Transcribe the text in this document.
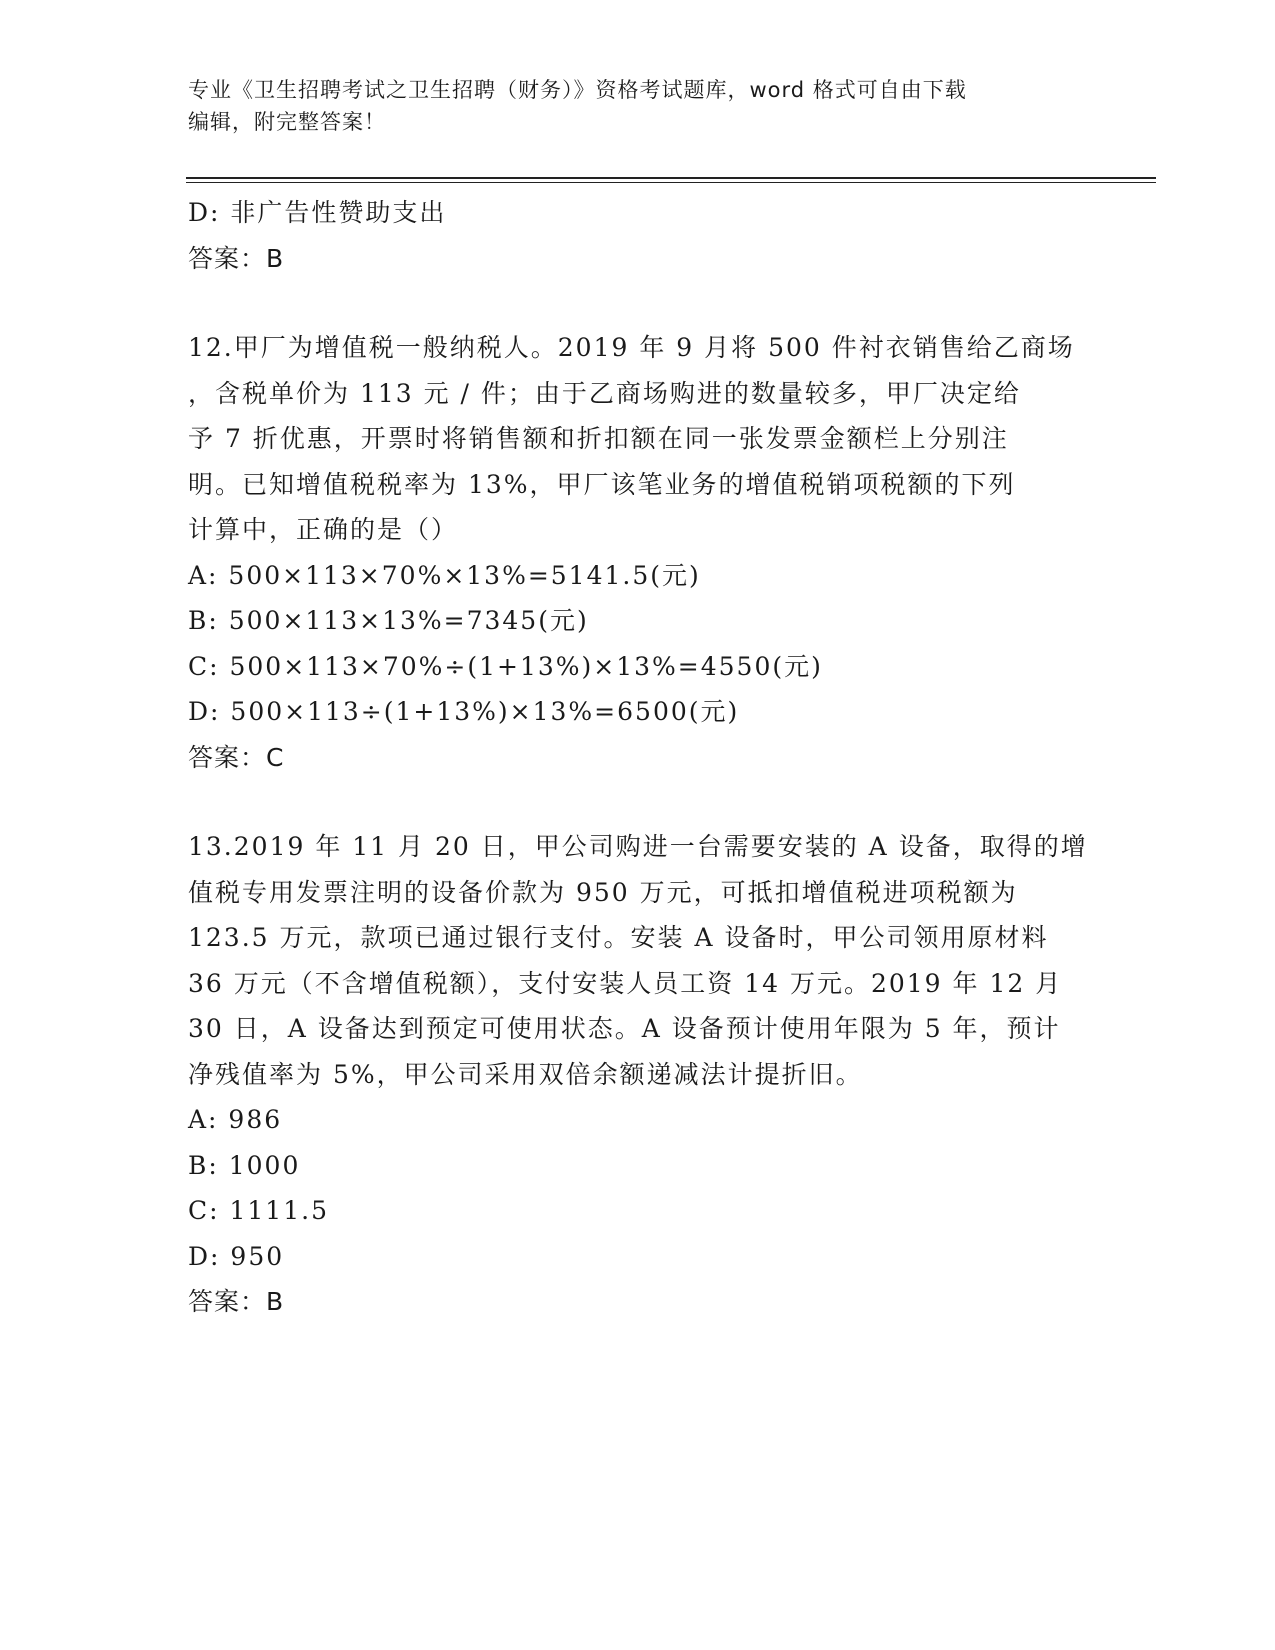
专业《卫生招聘考试之卫生招聘（财务）》资格考试题库，word 格式可自由下载
编辑，附完整答案！
D: 非广告性赞助支出
答案：B
12.甲厂为增值税一般纳税人。2019 年 9 月将 500 件衬衣销售给乙商场
，含税单价为 113 元 / 件；由于乙商场购进的数量较多，甲厂决定给
予 7 折优惠，开票时将销售额和折扣额在同一张发票金额栏上分别注
明。已知增值税税率为 13%，甲厂该笔业务的增值税销项税额的下列
计算中，正确的是（）
A: 500×113×70%×13%=5141.5(元)
B: 500×113×13%=7345(元)
C: 500×113×70%÷(1+13%)×13%=4550(元)
D: 500×113÷(1+13%)×13%=6500(元)
答案：C
13.2019 年 11 月 20 日，甲公司购进一台需要安装的 A 设备，取得的增
值税专用发票注明的设备价款为 950 万元，可抵扣增值税进项税额为
123.5 万元，款项已通过银行支付。安装 A 设备时，甲公司领用原材料
36 万元（不含增值税额），支付安装人员工资 14 万元。2019 年 12 月
30 日，A 设备达到预定可使用状态。A 设备预计使用年限为 5 年，预计
净残值率为 5%，甲公司采用双倍余额递减法计提折旧。
A: 986
B: 1000
C: 1111.5
D: 950
答案：B
